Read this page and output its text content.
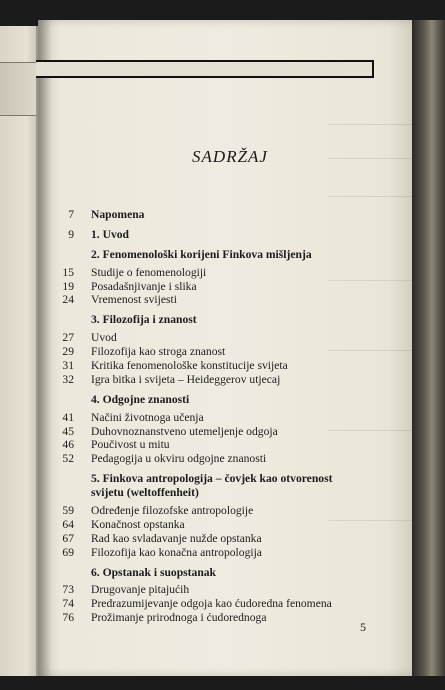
SADRŽAJ
7 Napomena
9 1. Uvod
2. Fenomenološki korijeni Finkova mišljenja
15 Studije o fenomenologiji
19 Posadašnjivanje i slika
24 Vremenost svijesti
3. Filozofija i znanost
27 Uvod
29 Filozofija kao stroga znanost
31 Kritika fenomenološke konstitucije svijeta
32 Igra bitka i svijeta – Heideggerov utjecaj
4. Odgojne znanosti
41 Načini životnoga učenja
45 Duhovnoznanstveno utemeljenje odgoja
46 Poučivost u mitu
52 Pedagogija u okviru odgojne znanosti
5. Finkova antropologija – čovjek kao otvorenost
svijetu (weltoffenheit)
59 Određenje filozofske antropologije
64 Konačnost opstanka
67 Rad kao svladavanje nužde opstanka
69 Filozofija kao konačna antropologija
6. Opstanak i suopstanak
73 Drugovanje pitajućih
74 Predrazumijevanje odgoja kao ćudoredna fenomena
76 Prožimanje prirodnoga i ćudorednoga
5
